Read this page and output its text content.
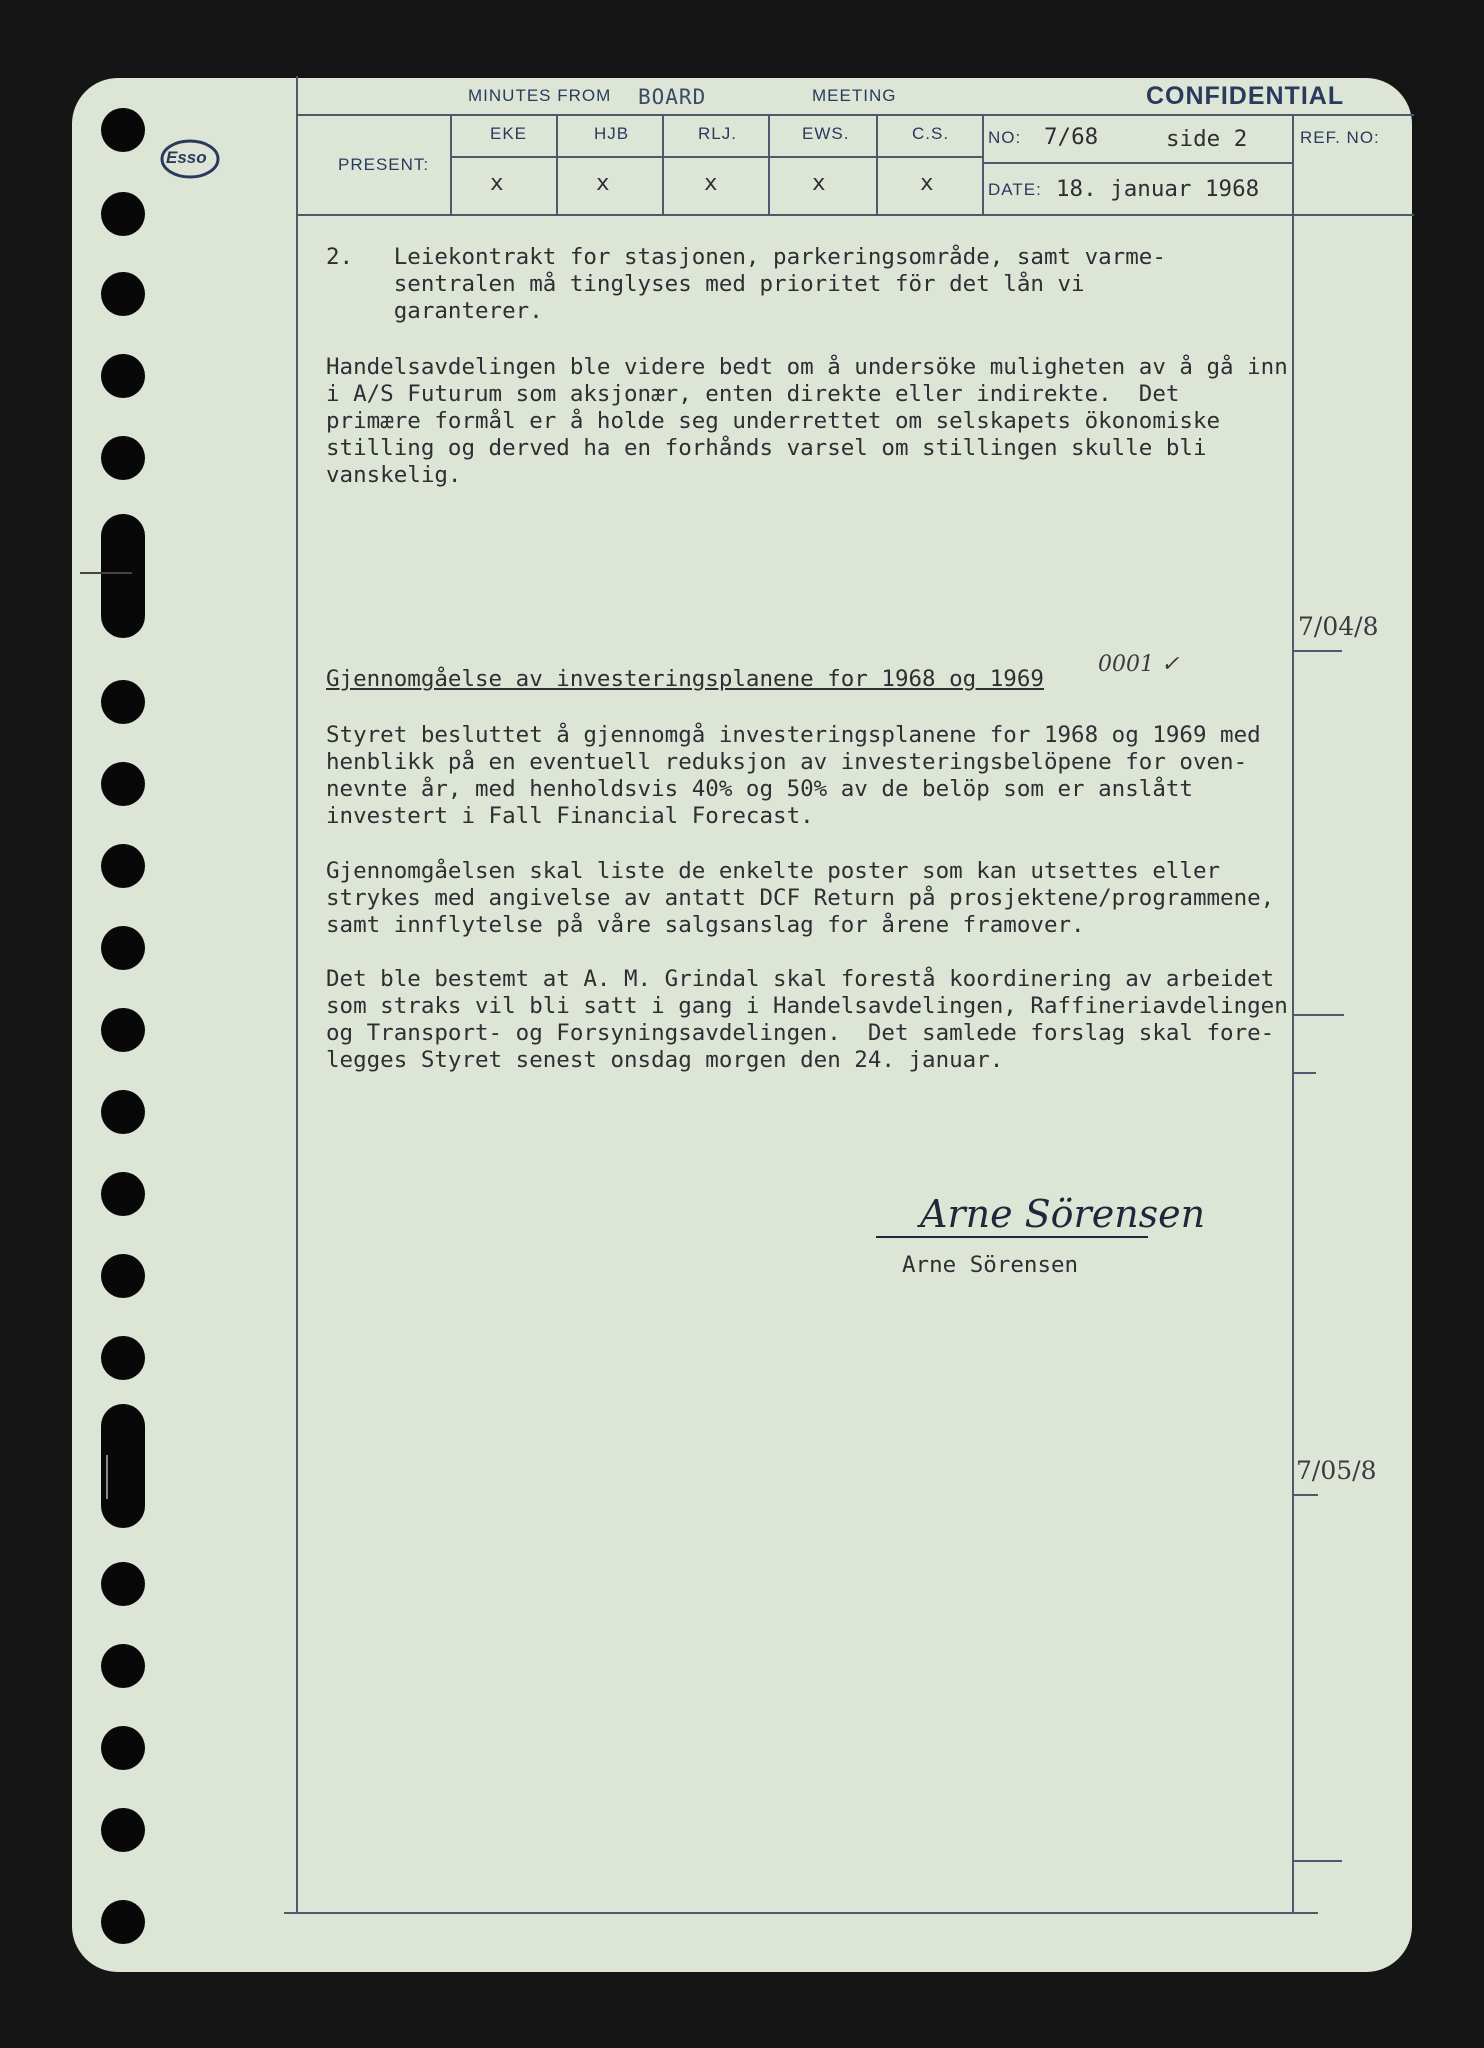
Esso
MINUTES FROM BOARD	MEETING	CONFIDENTIAL
PRESENT:
EKE	HJB	RLJ.	EWS.	C.S.
x	x	x	x	x
NO: 7/68	side 2	REF. NO:
DATE: 18. januar 1968
2.   Leiekontrakt for stasjonen, parkeringsområde, samt varme-
sentralen må tinglyses med prioritet för det lån vi
garanterer.
Handelsavdelingen ble videre bedt om å undersöke muligheten av å gå inn
i A/S Futurum som aksjonær, enten direkte eller indirekte.  Det
primære formål er å holde seg underrettet om selskapets ökonomiske
stilling og derved ha en forhånds varsel om stillingen skulle bli
vanskelig.
Gjennomgåelse av investeringsplanene for 1968 og 1969
0001 ✓
Styret besluttet å gjennomgå investeringsplanene for 1968 og 1969 med
henblikk på en eventuell reduksjon av investeringsbelöpene for oven-
nevnte år, med henholdsvis 40% og 50% av de belöp som er anslått
investert i Fall Financial Forecast.
Gjennomgåelsen skal liste de enkelte poster som kan utsettes eller
strykes med angivelse av antatt DCF Return på prosjektene/programmene,
samt innflytelse på våre salgsanslag for årene framover.
Det ble bestemt at A. M. Grindal skal forestå koordinering av arbeidet
som straks vil bli satt i gang i Handelsavdelingen, Raffineriavdelingen
og Transport- og Forsyningsavdelingen.  Det samlede forslag skal fore-
legges Styret senest onsdag morgen den 24. januar.
Arne Sörensen
Arne Sörensen
7/04/8
7/05/8
